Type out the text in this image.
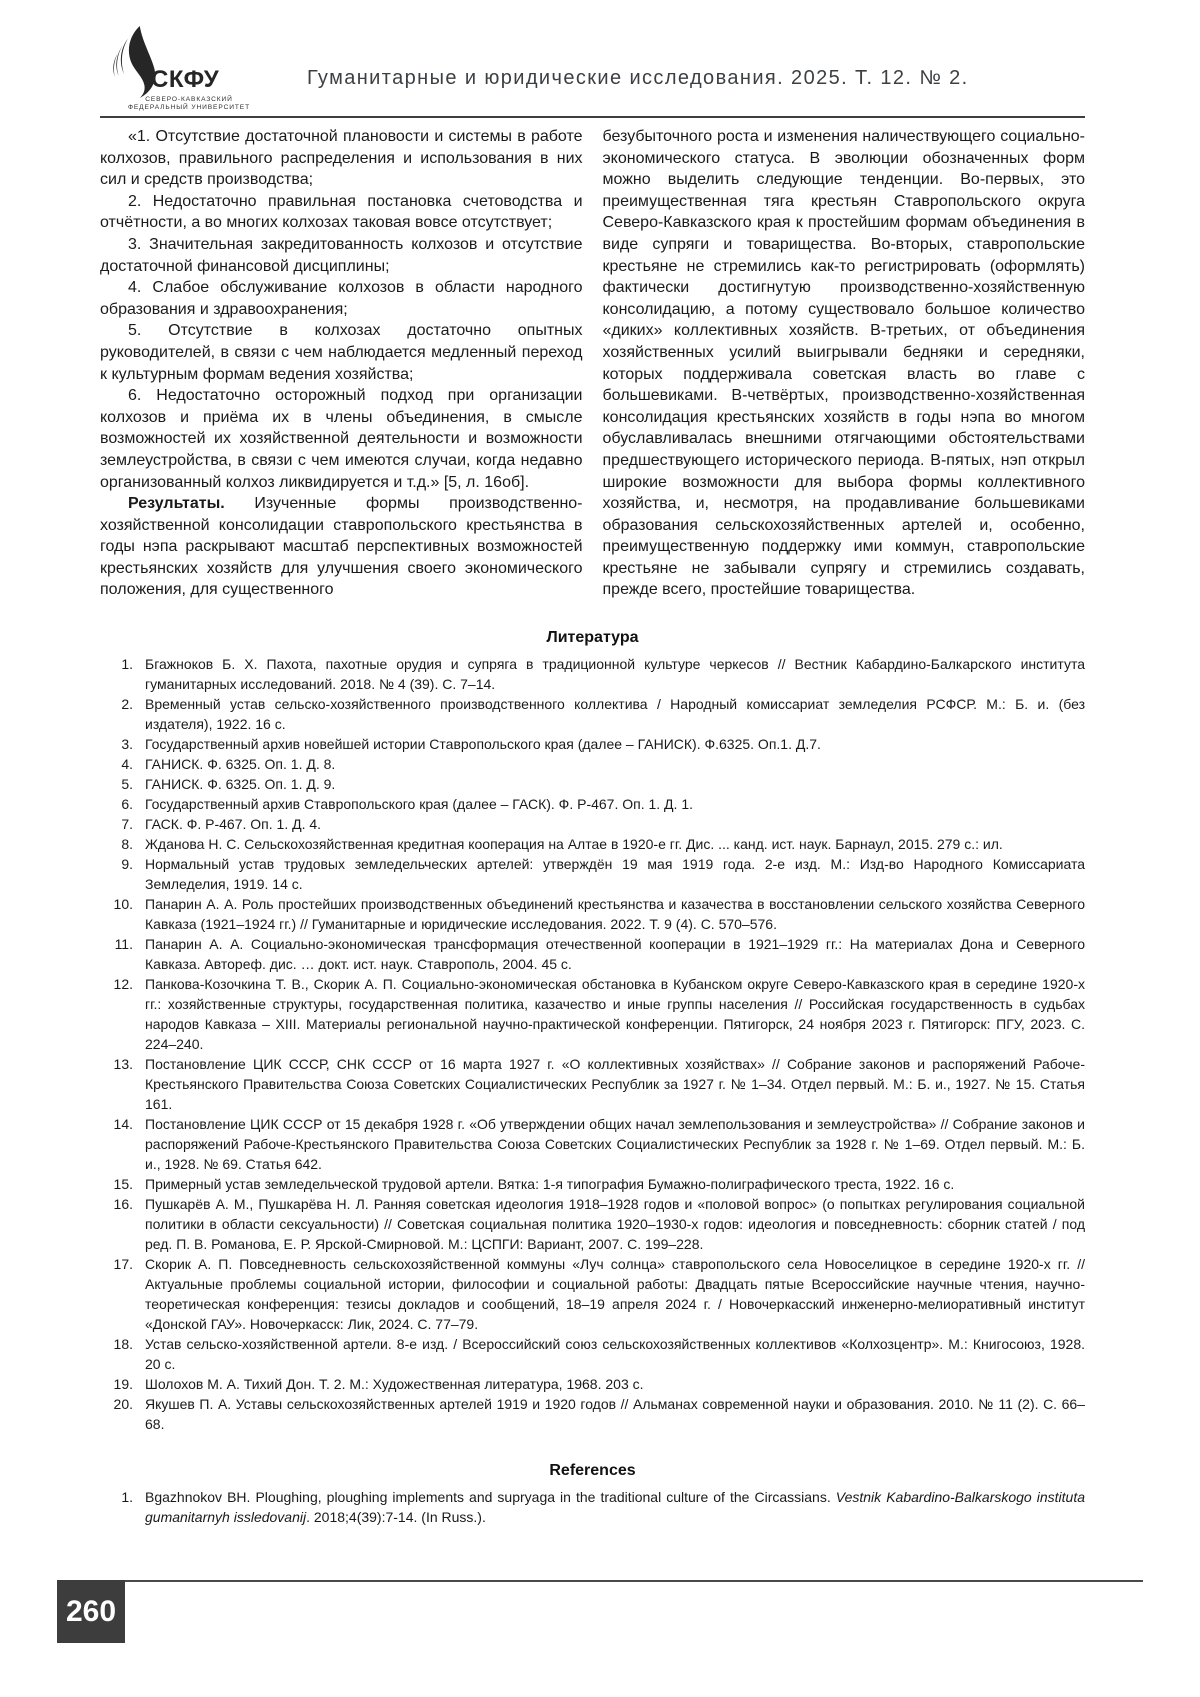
СКФУ
СЕВЕРО-КАВКАЗСКИЙ
ФЕДЕРАЛЬНЫЙ УНИВЕРСИТЕТ
Гуманитарные и юридические исследования. 2025. Т. 12. № 2.

«1. Отсутствие достаточной плановости и системы в работе колхозов, правильного распределения и использования в них сил и средств производства;

2. Недостаточно правильная постановка счетоводства и отчётности, а во многих колхозах таковая вовсе отсутствует;

3. Значительная закредитованность колхозов и отсутствие достаточной финансовой дисциплины;

4. Слабое обслуживание колхозов в области народного образования и здравоохранения;

5. Отсутствие в колхозах достаточно опытных руководителей, в связи с чем наблюдается медленный переход к культурным формам ведения хозяйства;

6. Недостаточно осторожный подход при организации колхозов и приёма их в члены объединения, в смысле возможностей их хозяйственной деятельности и возможности землеустройства, в связи с чем имеются случаи, когда недавно организованный колхоз ликвидируется и т.д.» [5, л. 16об].

Результаты. Изученные формы производственно-хозяйственной консолидации ставропольского крестьянства в годы нэпа раскрывают масштаб перспективных возможностей крестьянских хозяйств для улучшения своего экономического положения, для существенного

безубыточного роста и изменения наличествующего социально-экономического статуса. В эволюции обозначенных форм можно выделить следующие тенденции. Во-первых, это преимущественная тяга крестьян Ставропольского округа Северо-Кавказского края к простейшим формам объединения в виде супряги и товарищества. Во-вторых, ставропольские крестьяне не стремились как-то регистрировать (оформлять) фактически достигнутую производственно-хозяйственную консолидацию, а потому существовало большое количество «диких» коллективных хозяйств. В-третьих, от объединения хозяйственных усилий выигрывали бедняки и середняки, которых поддерживала советская власть во главе с большевиками. В-четвёртых, производственно-хозяйственная консолидация крестьянских хозяйств в годы нэпа во многом обуславливалась внешними отягчающими обстоятельствами предшествующего исторического периода. В-пятых, нэп открыл широкие возможности для выбора формы коллективного хозяйства, и, несмотря, на продавливание большевиками образования сельскохозяйственных артелей и, особенно, преимущественную поддержку ими коммун, ставропольские крестьяне не забывали супрягу и стремились создавать, прежде всего, простейшие товарищества.

Литература
1. Бгажноков Б. Х. Пахота, пахотные орудия и супряга в традиционной культуре черкесов // Вестник Кабардино-Балкарского института гуманитарных исследований. 2018. № 4 (39). С. 7–14.
2. Временный устав сельско-хозяйственного производственного коллектива / Народный комиссариат земледелия РСФСР. М.: Б. и. (без издателя), 1922. 16 с.
3. Государственный архив новейшей истории Ставропольского края (далее – ГАНИСК). Ф.6325. Оп.1. Д.7.
4. ГАНИСК. Ф. 6325. Оп. 1. Д. 8.
5. ГАНИСК. Ф. 6325. Оп. 1. Д. 9.
6. Государственный архив Ставропольского края (далее – ГАСК). Ф. Р-467. Оп. 1. Д. 1.
7. ГАСК. Ф. Р-467. Оп. 1. Д. 4.
8. Жданова Н. С. Сельскохозяйственная кредитная кооперация на Алтае в 1920-е гг. Дис. ... канд. ист. наук. Барнаул, 2015. 279 с.: ил.
9. Нормальный устав трудовых земледельческих артелей: утверждён 19 мая 1919 года. 2-е изд. М.: Изд-во Народного Комиссариата Земледелия, 1919. 14 с.
10. Панарин А. А. Роль простейших производственных объединений крестьянства и казачества в восстановлении сельского хозяйства Северного Кавказа (1921–1924 гг.) // Гуманитарные и юридические исследования. 2022. Т. 9 (4). С. 570–576.
11. Панарин А. А. Социально-экономическая трансформация отечественной кооперации в 1921–1929 гг.: На материалах Дона и Северного Кавказа. Автореф. дис. … докт. ист. наук. Ставрополь, 2004. 45 с.
12. Панкова-Козочкина Т. В., Скорик А. П. Социально-экономическая обстановка в Кубанском округе Северо-Кавказского края в середине 1920-х гг.: хозяйственные структуры, государственная политика, казачество и иные группы населения // Российская государственность в судьбах народов Кавказа – XIII. Материалы региональной научно-практической конференции. Пятигорск, 24 ноября 2023 г. Пятигорск: ПГУ, 2023. С. 224–240.
13. Постановление ЦИК СССР, СНК СССР от 16 марта 1927 г. «О коллективных хозяйствах» // Собрание законов и распоряжений Рабоче-Крестьянского Правительства Союза Советских Социалистических Республик за 1927 г. № 1–34. Отдел первый. М.: Б. и., 1927. № 15. Статья 161.
14. Постановление ЦИК СССР от 15 декабря 1928 г. «Об утверждении общих начал землепользования и землеустройства» // Собрание законов и распоряжений Рабоче-Крестьянского Правительства Союза Советских Социалистических Республик за 1928 г. № 1–69. Отдел первый. М.: Б. и., 1928. № 69. Статья 642.
15. Примерный устав земледельческой трудовой артели. Вятка: 1-я типография Бумажно-полиграфического треста, 1922. 16 с.
16. Пушкарёв А. М., Пушкарёва Н. Л. Ранняя советская идеология 1918–1928 годов и «половой вопрос» (о попытках регулирования социальной политики в области сексуальности) // Советская социальная политика 1920–1930-х годов: идеология и повседневность: сборник статей / под ред. П. В. Романова, Е. Р. Ярской-Смирновой. М.: ЦСПГИ: Вариант, 2007. С. 199–228.
17. Скорик А. П. Повседневность сельскохозяйственной коммуны «Луч солнца» ставропольского села Новоселицкое в середине 1920-х гг. // Актуальные проблемы социальной истории, философии и социальной работы: Двадцать пятые Всероссийские научные чтения, научно-теоретическая конференция: тезисы докладов и сообщений, 18–19 апреля 2024 г. / Новочеркасский инженерно-мелиоративный институт «Донской ГАУ». Новочеркасск: Лик, 2024. С. 77–79.
18. Устав сельско-хозяйственной артели. 8-е изд. / Всероссийский союз сельскохозяйственных коллективов «Колхозцентр». М.: Книгосоюз, 1928. 20 с.
19. Шолохов М. А. Тихий Дон. Т. 2. М.: Художественная литература, 1968. 203 с.
20. Якушев П. А. Уставы сельскохозяйственных артелей 1919 и 1920 годов // Альманах современной науки и образования. 2010. № 11 (2). С. 66–68.
References
1. Bgazhnokov BH. Ploughing, ploughing implements and supryaga in the traditional culture of the Circassians. Vestnik Kabardino-Balkarskogo instituta gumanitarnyh issledovanij. 2018;4(39):7-14. (In Russ.).
260
